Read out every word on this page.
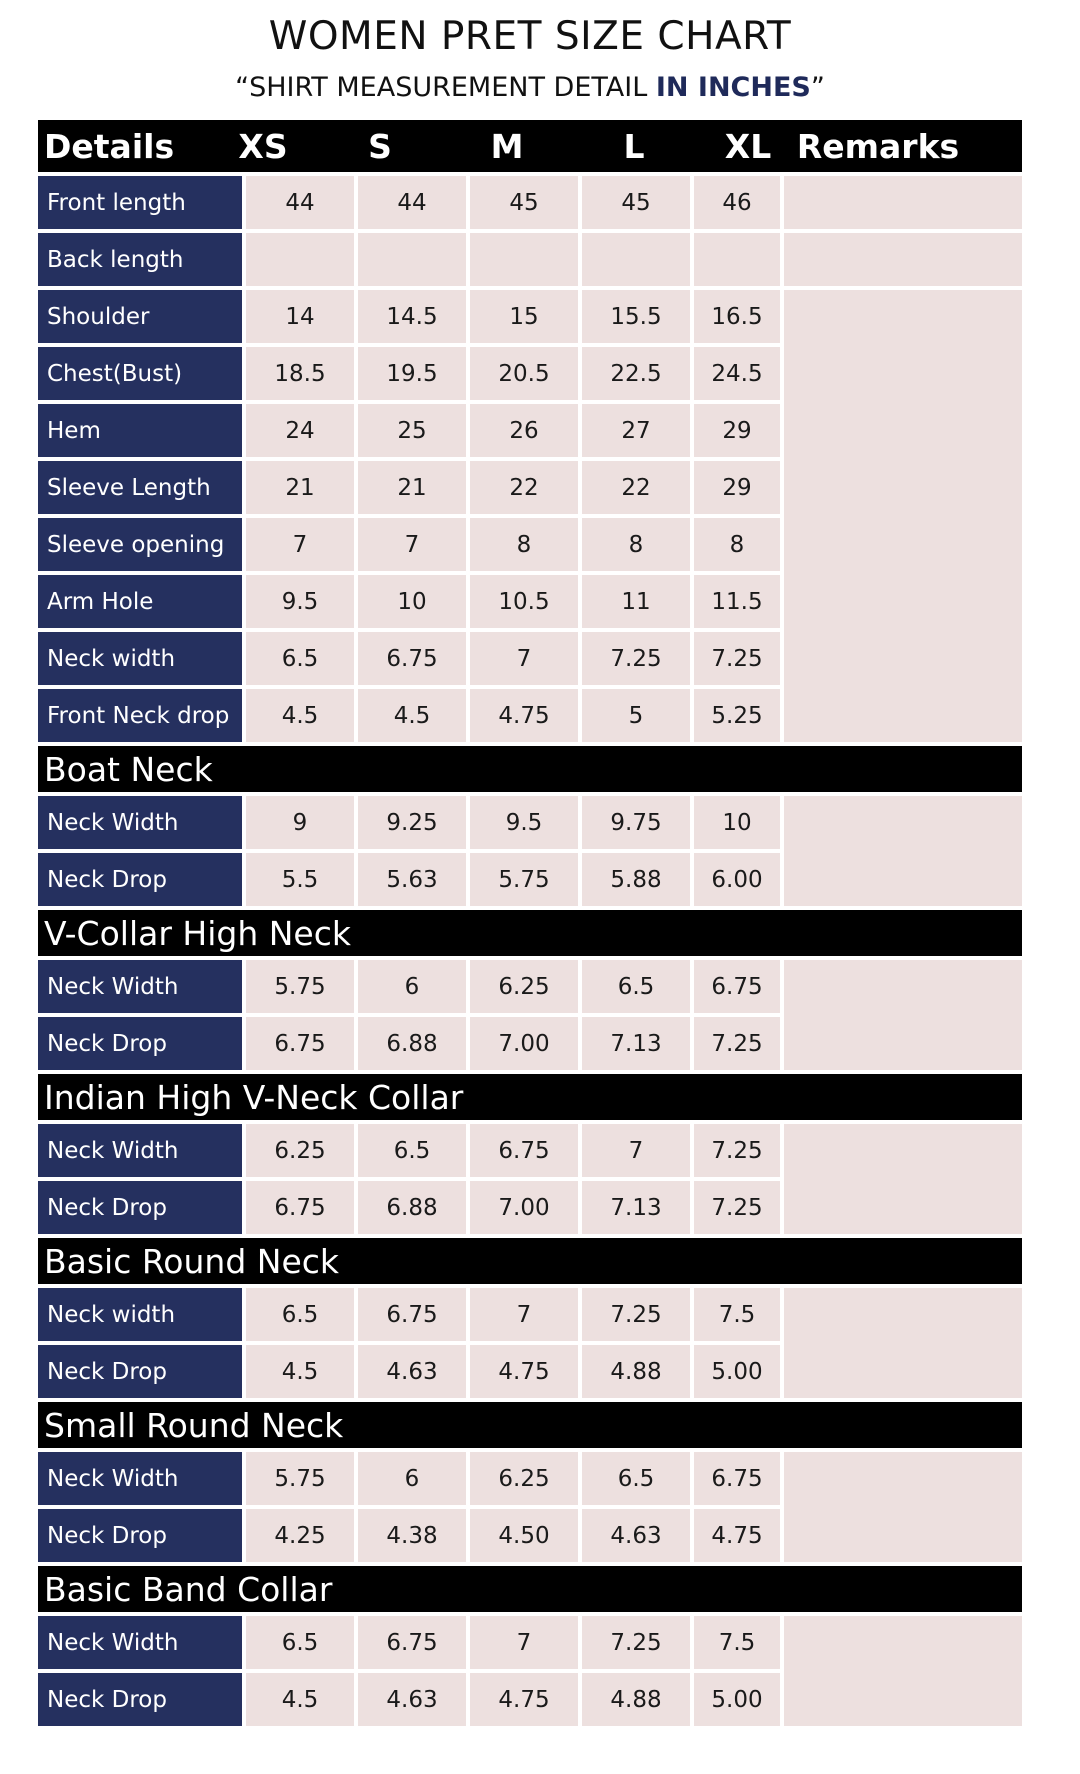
WOMEN PRET SIZE CHART
“SHIRT MEASUREMENT DETAIL IN INCHES”
Details	XS	S	M	L	XL Remarks
Front length	44	44	45	45	46
Back length
Shoulder	14	14.5	15	15.5	16.5
Chest(Bust)	18.5	19.5	20.5	22.5	24.5
Hem	24	25	26	27	29
Sleeve Length	21	21	22	22	29
Sleeve opening	7	7	8	8	8
Arm Hole	9.5	10	10.5	11	11.5
Neck width	6.5	6.75	7	7.25	7.25
Front Neck drop	4.5	4.5	4.75	5	5.25
Boat Neck
Neck Width	9	9.25	9.5	9.75	10
Neck Drop	5.5	5.63	5.75	5.88	6.00
V-Collar High Neck
Neck Width	5.75	6	6.25	6.5	6.75
Neck Drop	6.75	6.88	7.00	7.13	7.25
Indian High V-Neck Collar
Neck Width	6.25	6.5	6.75	7	7.25
Neck Drop	6.75	6.88	7.00	7.13	7.25
Basic Round Neck
Neck width	6.5	6.75	7	7.25	7.5
Neck Drop	4.5	4.63	4.75	4.88	5.00
Small Round Neck
Neck Width	5.75	6	6.25	6.5	6.75
Neck Drop	4.25	4.38	4.50	4.63	4.75
Basic Band Collar
Neck Width	6.5	6.75	7	7.25	7.5
Neck Drop	4.5	4.63	4.75	4.88	5.00
